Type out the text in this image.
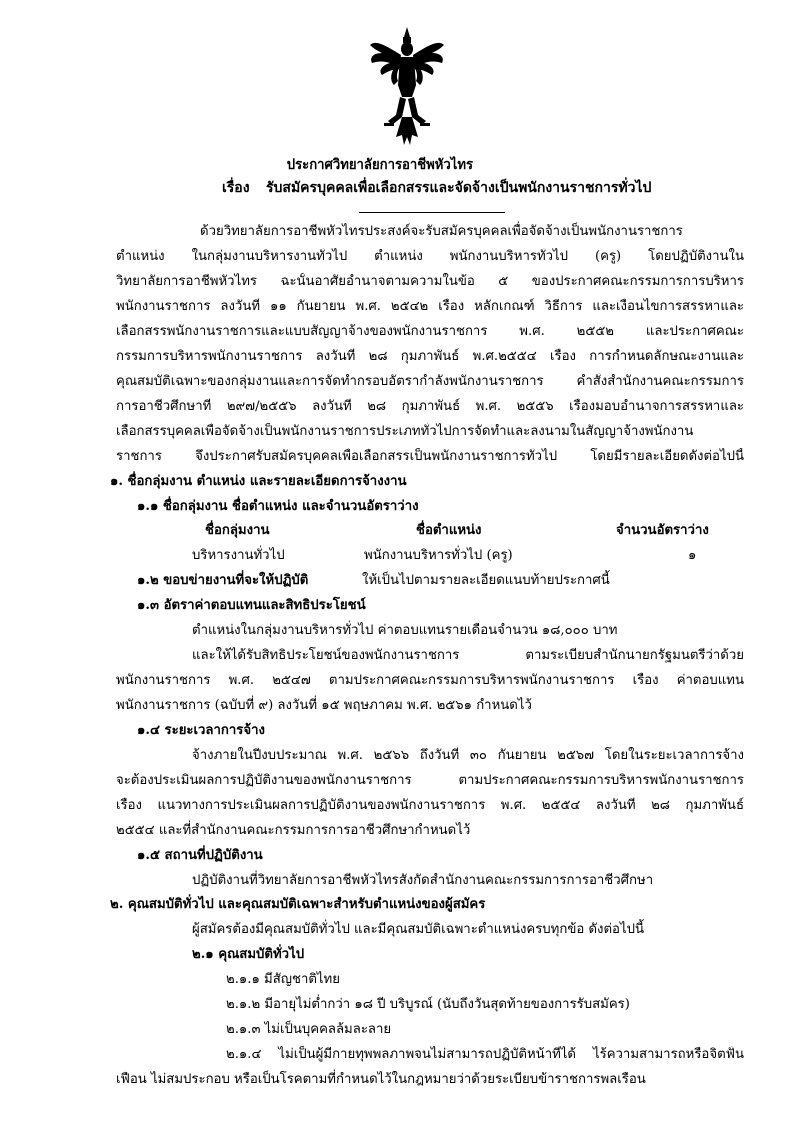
ประกาศวิทยาลัยการอาชีพหัวไทร
เรื่อง รับสมัครบุคคลเพื่อเลือกสรรและจัดจ้างเป็นพนักงานราชการทั่วไป
ด้วยวิทยาลัยการอาชีพหัวไทรประสงค์จะรับสมัครบุคคลเพื่อจัดจ้างเป็นพนักงานราชการ
ตำแหน่ง ในกลุ่มงานบริหารงานทั่วไป ตำแหน่ง พนักงานบริหารทั่วไป (ครู) โดยปฏิบัติงานใน
วิทยาลัยการอาชีพหัวไทร ฉะนั้นอาศัยอำนาจตามความในข้อ ๕ ของประกาศคณะกรรมการการบริหาร
พนักงานราชการ ลงวันที่ ๑๑ กันยายน พ.ศ. ๒๕๔๒ เรื่อง หลักเกณฑ์ วิธีการ และเงื่อนไขการสรรหาและ
เลือกสรรพนักงานราชการและแบบสัญญาจ้างของพนักงานราชการ พ.ศ. ๒๕๕๒ และประกาศคณะ
กรรมการบริหารพนักงานราชการ ลงวันที่ ๒๘ กุมภาพันธ์ พ.ศ.๒๕๕๔ เรื่อง การกำหนดลักษณะงานและ
คุณสมบัติเฉพาะของกลุ่มงานและการจัดทำกรอบอัตรากำลังพนักงานราชการ คำสั่งสำนักงานคณะกรรมการ
การอาชีวศึกษาที่ ๒๙๗/๒๕๕๖ ลงวันที่ ๒๘ กุมภาพันธ์ พ.ศ. ๒๕๕๖ เรื่องมอบอำนาจการสรรหาและ
เลือกสรรบุคคลเพื่อจัดจ้างเป็นพนักงานราชการประเภททั่วไปการจัดทำและลงนามในสัญญาจ้างพนักงาน
ราชการ จึงประกาศรับสมัครบุคคลเพื่อเลือกสรรเป็นพนักงานราชการทั่วไป โดยมีรายละเอียดดังต่อไปนี้
๑. ชื่อกลุ่มงาน ตำแหน่ง และรายละเอียดการจ้างงาน
๑.๑ ชื่อกลุ่มงาน ชื่อตำแหน่ง และจำนวนอัตราว่าง
ชื่อกลุ่มงาน	ชื่อตำแหน่ง	จำนวนอัตราว่าง
บริหารงานทั่วไป	พนักงานบริหารทั่วไป (ครู)	๑
๑.๒ ขอบข่ายงานที่จะให้ปฏิบัติ	ให้เป็นไปตามรายละเอียดแนบท้ายประกาศนี้
๑.๓ อัตราค่าตอบแทนและสิทธิประโยชน์
ตำแหน่งในกลุ่มงานบริหารทั่วไป ค่าตอบแทนรายเดือนจำนวน ๑๘,๐๐๐ บาท
และให้ได้รับสิทธิประโยชน์ของพนักงานราชการ ตามระเบียบสำนักนายกรัฐมนตรีว่าด้วย
พนักงานราชการ พ.ศ. ๒๕๔๗ ตามประกาศคณะกรรมการบริหารพนักงานราชการ เรื่อง ค่าตอบแทน
พนักงานราชการ (ฉบับที่ ๙) ลงวันที่ ๑๕ พฤษภาคม พ.ศ. ๒๕๖๑ กำหนดไว้
๑.๔ ระยะเวลาการจ้าง
จ้างภายในปีงบประมาณ พ.ศ. ๒๕๖๖ ถึงวันที่ ๓๐ กันยายน ๒๕๖๗ โดยในระยะเวลาการจ้าง
จะต้องประเมินผลการปฏิบัติงานของพนักงานราชการ ตามประกาศคณะกรรมการบริหารพนักงานราชการ
เรื่อง แนวทางการประเมินผลการปฏิบัติงานของพนักงานราชการ พ.ศ. ๒๕๕๔ ลงวันที่ ๒๘ กุมภาพันธ์
๒๕๕๔ และที่สำนักงานคณะกรรมการการอาชีวศึกษากำหนดไว้
๑.๕ สถานที่ปฏิบัติงาน
ปฏิบัติงานที่วิทยาลัยการอาชีพหัวไทรสังกัดสำนักงานคณะกรรมการการอาชีวศึกษา
๒. คุณสมบัติทั่วไป และคุณสมบัติเฉพาะสำหรับตำแหน่งของผู้สมัคร
ผู้สมัครต้องมีคุณสมบัติทั่วไป และมีคุณสมบัติเฉพาะตำแหน่งครบทุกข้อ ดังต่อไปนี้
๒.๑ คุณสมบัติทั่วไป
๒.๑.๑ มีสัญชาติไทย
๒.๑.๒ มีอายุไม่ต่ำกว่า ๑๘ ปี บริบูรณ์ (นับถึงวันสุดท้ายของการรับสมัคร)
๒.๑.๓ ไม่เป็นบุคคลล้มละลาย
๒.๑.๔ ไม่เป็นผู้มีกายทุพพลภาพจนไม่สามารถปฏิบัติหน้าที่ได้ ไร้ความสามารถหรือจิตฟั่น
เฟือน ไม่สมประกอบ หรือเป็นโรคตามที่กำหนดไว้ในกฎหมายว่าด้วยระเบียบข้าราชการพลเรือน
